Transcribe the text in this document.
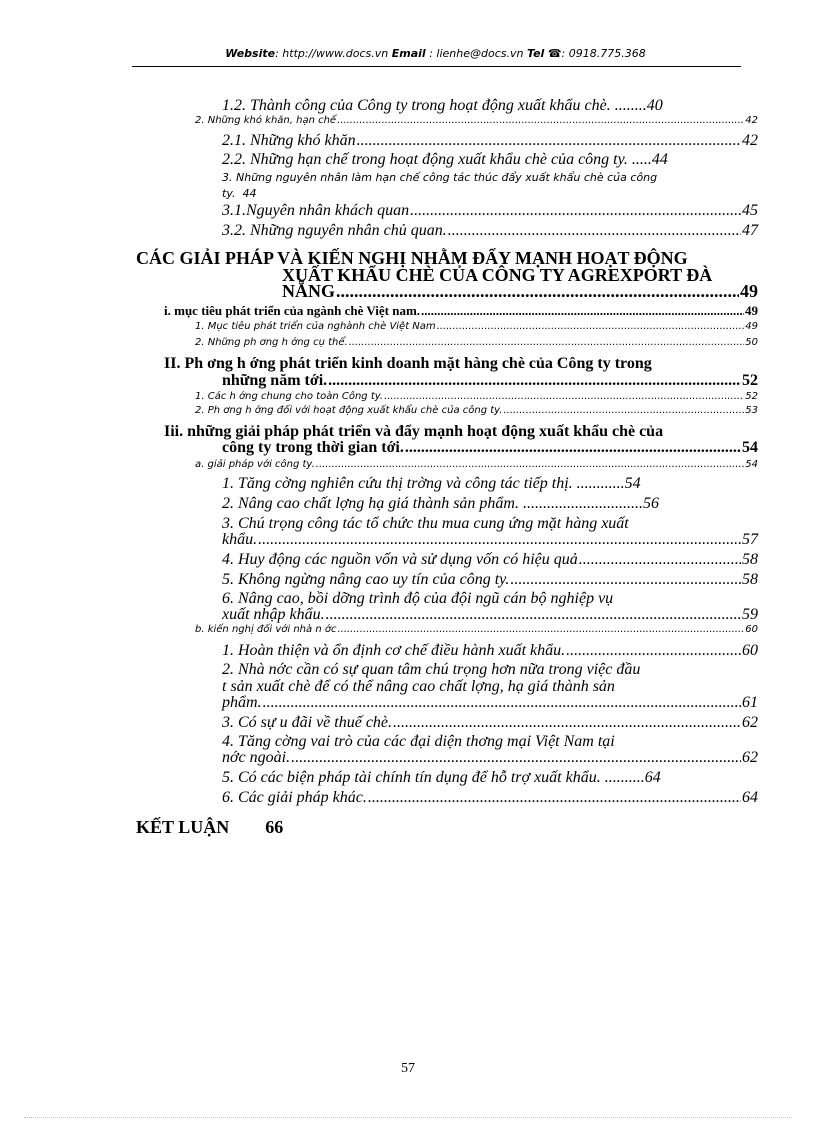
Website: http://www.docs.vn Email : lienhe@docs.vn Tel ☎: 0918.775.368
1.2. Thành công của Công ty trong hoạt động xuất khẩu chè. ........ 40
2. Những khó khăn, hạn chế .....	42
2.1. Những khó khăn .....	42
2.2. Những hạn chế trong hoạt động xuất khẩu chè của công ty. ..... 44
3. Những nguyên nhân làm hạn chế công tác thúc đẩy xuất khẩu chè của công
ty. 44
3.1.Nguyên nhân khách quan .....	45
3.2. Những nguyên nhân chủ quan. .....	47
CÁC GIẢI PHÁP VÀ KIẾN NGHỊ NHẰM ĐẨY MẠNH HOẠT ĐỘNG
XUẤT KHẨU CHÈ CỦA CÔNG TY AGREXPORT ĐÀ
NẴNG .....	49
i. mục tiêu phát triển của ngành chè Việt nam. .....	49
1. Mục tiêu phát triển của nghành chè Việt Nam .....	49
2. Những ph ơng h ớng cụ thể. .....	50
II. Ph ơng h ớng phát triển kinh doanh mặt hàng chè của Công ty trong
những năm tới. .....	52
1. Các h ớng chung cho toàn Công ty. .....	52
2. Ph ơng h ớng đối với hoạt động xuất khẩu chè của công ty. .....	53
Iii. những giải pháp phát triển và đẩy mạnh hoạt động xuất khẩu chè của
công ty trong thời gian tới. .....	54
a. giải pháp với công ty. .....	54
1. Tăng cờng nghiên cứu thị trờng và công tác tiếp thị. ............ 54
2. Nâng cao chất lợng hạ giá thành sản phẩm. .............................. 56
3. Chú trọng công tác tổ chức thu mua cung ứng mặt hàng xuất
khẩu. .....	57
4. Huy động các nguồn vốn và sử dụng vốn có hiệu quả .....	58
5. Không ngừng nâng cao uy tín của công ty. .....	58
6. Nâng cao, bồi dỡng trình độ của đội ngũ cán bộ nghiệp vụ
xuất nhập khẩu. .....	59
b. kiến nghị đối với nhà n ớc .....	60
1. Hoàn thiện và ổn định cơ chế điều hành xuất khẩu. .....	60
2. Nhà nớc cần có sự quan tâm chú trọng hơn nữa trong việc đầu
t sản xuất chè để có thể nâng cao chất lợng, hạ giá thành sản
phẩm. .....	61
3. Có sự u đãi về thuế chè. .....	62
4. Tăng cờng vai trò của các đại diện thơng mại Việt Nam tại
nớc ngoài. .....	62
5. Có các biện pháp tài chính tín dụng để hỗ trợ xuất khẩu. .......... 64
6. Các giải pháp khác. .....	64
KẾT LUẬN 66
57
